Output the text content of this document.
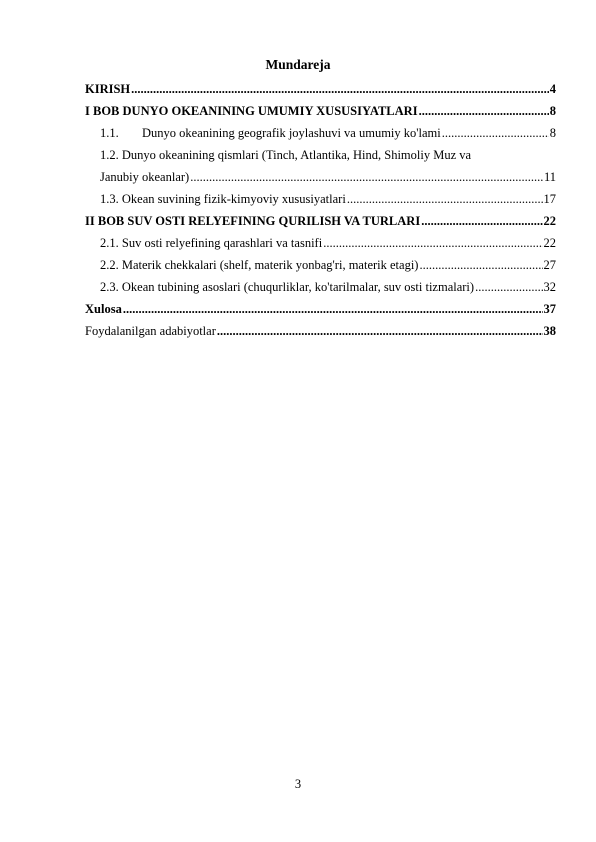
Mundareja
KIRISH .....	4
I BOB DUNYO OKEANINING UMUMIY XUSUSIYATLARI .....	8
1.1. Dunyo okeanining geografik joylashuvi va umumiy ko'lami .....	8
1.2. Dunyo okeanining qismlari (Tinch, Atlantika, Hind, Shimoliy Muz va
Janubiy okeanlar) .....	11
1.3. Okean suvining fizik-kimyoviy xususiyatlari .....	17
II BOB SUV OSTI RELYEFINING QURILISH VA TURLARI .....	22
2.1. Suv osti relyefining qarashlari va tasnifi .....	22
2.2. Materik chekkalari (shelf, materik yonbag'ri, materik etagi) .....	27
2.3. Okean tubining asoslari (chuqurliklar, ko'tarilmalar, suv osti tizmalari) .....	32
Xulosa .....	37
Foydalanilgan adabiyotlar .....	38
3
